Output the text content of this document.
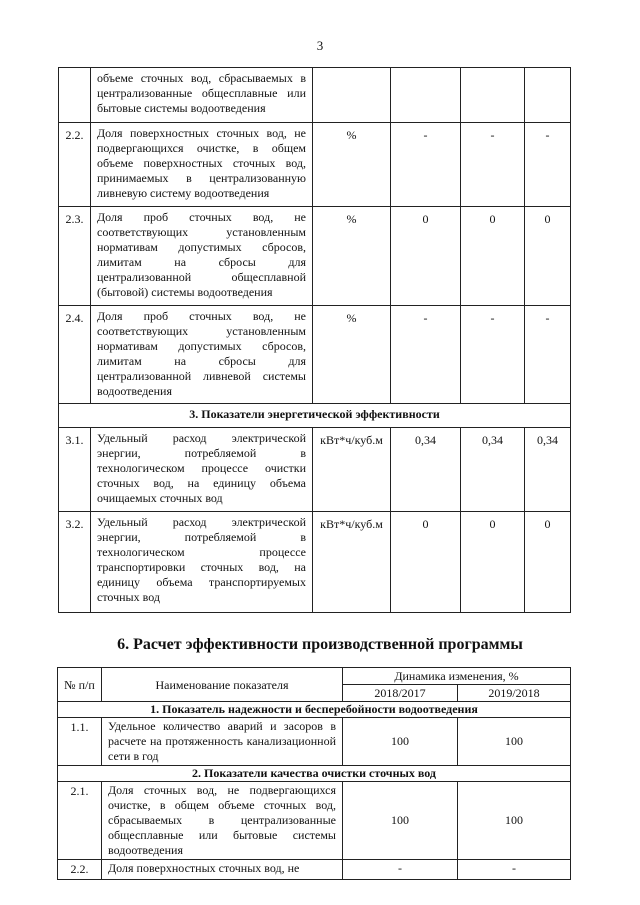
3
	объеме сточных вод, сбрасываемых в централизованные общесплавные или бытовые системы водоотведения				
2.2.	Доля поверхностных сточных вод, не подвергающихся очистке, в общем объеме поверхностных сточных вод, принимаемых в централизованную ливневую систему водоотведения	%	-	-	-
2.3.	Доля проб сточных вод, не соответствующих установленным нормативам допустимых сбросов, лимитам на сбросы для централизованной общесплавной (бытовой) системы водоотведения	%	0	0	0
2.4.	Доля проб сточных вод, не соответствующих установленным нормативам допустимых сбросов, лимитам на сбросы для централизованной ливневой системы водоотведения	%	-	-	-
3. Показатели энергетической эффективности					
3.1.	Удельный расход электрической энергии, потребляемой в технологическом процессе очистки сточных вод, на единицу объема очищаемых сточных вод	кВт*ч/куб.м	0,34	0,34	0,34
3.2.	Удельный расход электрической энергии, потребляемой в технологическом процессе транспортировки сточных вод, на единицу объема транспортируемых сточных вод	кВт*ч/куб.м	0	0	0
6. Расчет эффективности производственной программы
№ п/п	Наименование показателя	Динамика изменения, %	
		2018/2017	2019/2018
1. Показатель надежности и бесперебойности водоотведения			
1.1.	Удельное количество аварий и засоров в расчете на протяженность канализационной сети в год	100	100
2. Показатели качества очистки сточных вод			
2.1.	Доля сточных вод, не подвергающихся очистке, в общем объеме сточных вод, сбрасываемых в централизованные общесплавные или бытовые системы водоотведения	100	100
2.2.	Доля поверхностных сточных вод, не	-	-
